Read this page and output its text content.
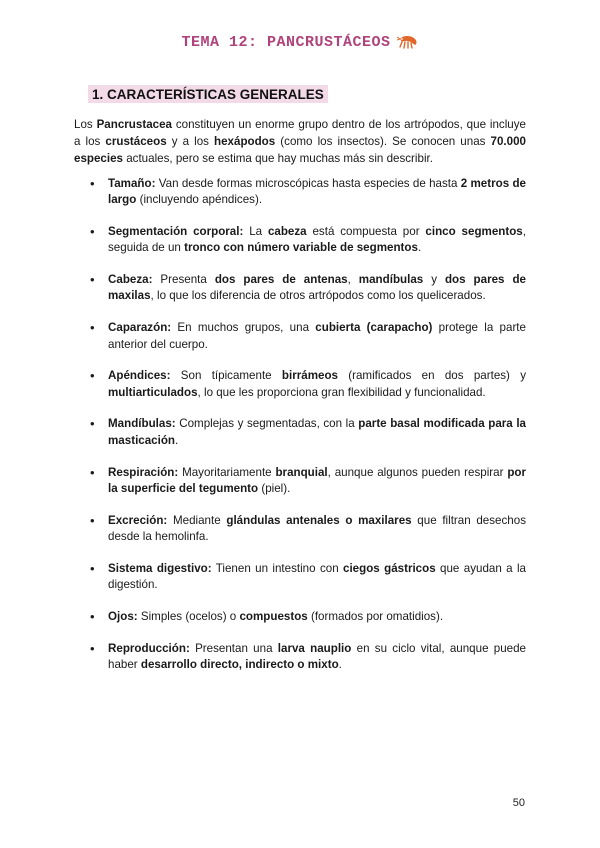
TEMA 12: PANCRUSTÁCEOS
1. CARACTERÍSTICAS GENERALES

Los Pancrustacea constituyen un enorme grupo dentro de los artrópodos, que incluye a los crustáceos y a los hexápodos (como los insectos). Se conocen unas 70.000 especies actuales, pero se estima que hay muchas más sin describir.

• Tamaño: Van desde formas microscópicas hasta especies de hasta 2 metros de largo (incluyendo apéndices).
• Segmentación corporal: La cabeza está compuesta por cinco segmentos, seguida de un tronco con número variable de segmentos.
• Cabeza: Presenta dos pares de antenas, mandíbulas y dos pares de maxilas, lo que los diferencia de otros artrópodos como los quelicerados.
• Caparazón: En muchos grupos, una cubierta (carapacho) protege la parte anterior del cuerpo.
• Apéndices: Son típicamente birrámeos (ramificados en dos partes) y multiarticulados, lo que les proporciona gran flexibilidad y funcionalidad.
• Mandíbulas: Complejas y segmentadas, con la parte basal modificada para la masticación.
• Respiración: Mayoritariamente branquial, aunque algunos pueden respirar por la superficie del tegumento (piel).
• Excreción: Mediante glándulas antenales o maxilares que filtran desechos desde la hemolinfa.
• Sistema digestivo: Tienen un intestino con ciegos gástricos que ayudan a la digestión.
• Ojos: Simples (ocelos) o compuestos (formados por omatidios).
• Reproducción: Presentan una larva nauplio en su ciclo vital, aunque puede haber desarrollo directo, indirecto o mixto.
50
